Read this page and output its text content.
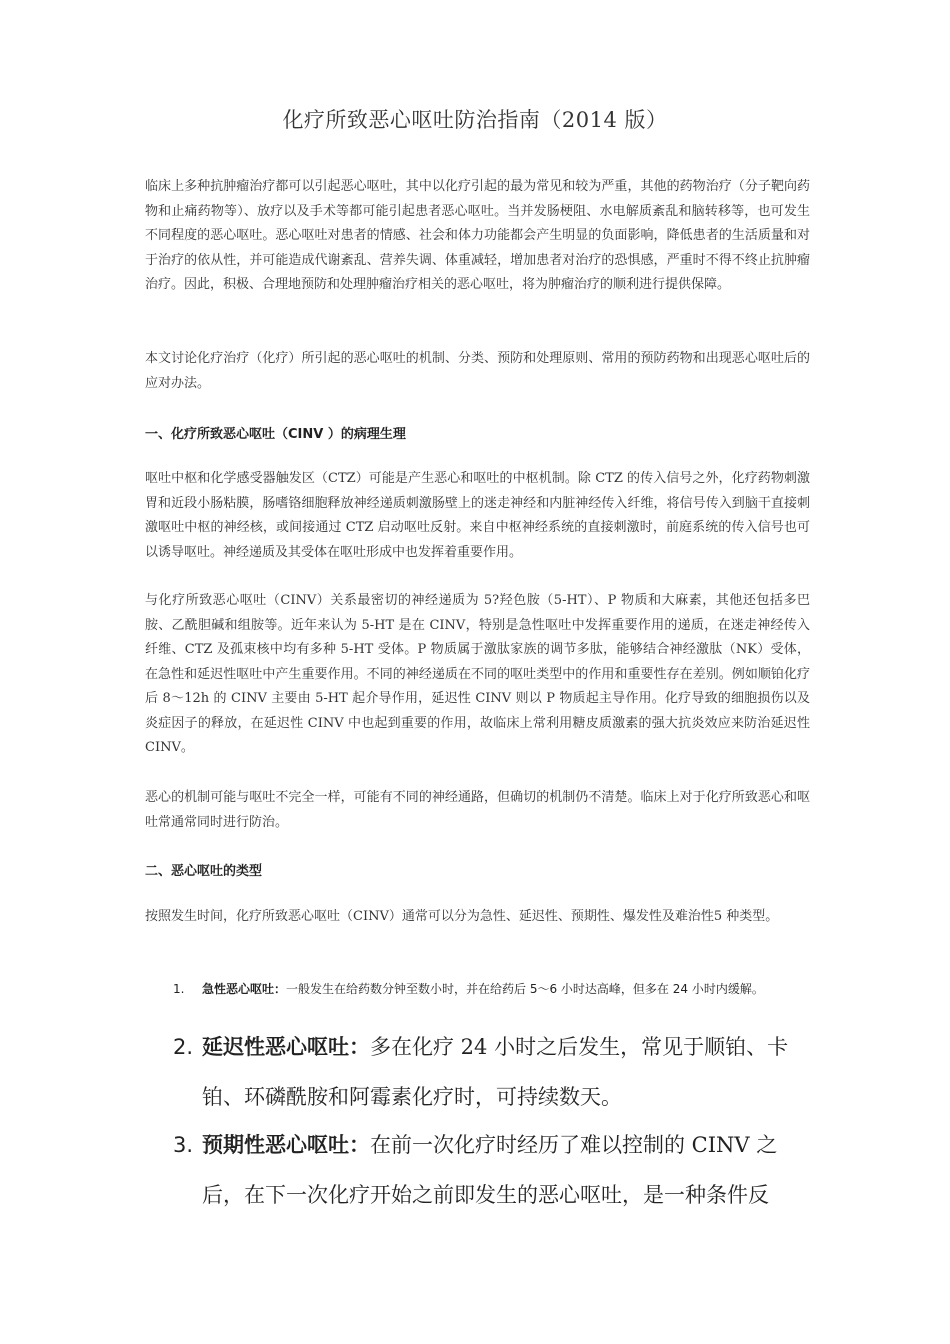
化疗所致恶心呕吐防治指南（2014 版）

临床上多种抗肿瘤治疗都可以引起恶心呕吐，其中以化疗引起的最为常见和较为严重，其他的药物治疗（分子靶向药物和止痛药物等）、放疗以及手术等都可能引起患者恶心呕吐。当并发肠梗阻、水电解质紊乱和脑转移等，也可发生不同程度的恶心呕吐。恶心呕吐对患者的情感、社会和体力功能都会产生明显的负面影响，降低患者的生活质量和对于治疗的依从性，并可能造成代谢紊乱、营养失调、体重减轻，增加患者对治疗的恐惧感，严重时不得不终止抗肿瘤治疗。因此，积极、合理地预防和处理肿瘤治疗相关的恶心呕吐，将为肿瘤治疗的顺利进行提供保障。

本文讨论化疗治疗（化疗）所引起的恶心呕吐的机制、分类、预防和处理原则、常用的预防药物和出现恶心呕吐后的应对办法。

一、化疗所致恶心呕吐（CINV ）的病理生理

呕吐中枢和化学感受器触发区（CTZ）可能是产生恶心和呕吐的中枢机制。除 CTZ 的传入信号之外，化疗药物刺激胃和近段小肠粘膜，肠嗜铬细胞释放神经递质刺激肠壁上的迷走神经和内脏神经传入纤维，将信号传入到脑干直接刺激呕吐中枢的神经核，或间接通过 CTZ 启动呕吐反射。来自中枢神经系统的直接刺激时，前庭系统的传入信号也可以诱导呕吐。神经递质及其受体在呕吐形成中也发挥着重要作用。

与化疗所致恶心呕吐（CINV）关系最密切的神经递质为 5?羟色胺（5-HT）、P 物质和大麻素，其他还包括多巴胺、乙酰胆碱和组胺等。近年来认为 5-HT 是在 CINV，特别是急性呕吐中发挥重要作用的递质，在迷走神经传入纤维、CTZ 及孤束核中均有多种 5-HT 受体。P 物质属于激肽家族的调节多肽，能够结合神经激肽（NK）受体，在急性和延迟性呕吐中产生重要作用。不同的神经递质在不同的呕吐类型中的作用和重要性存在差别。例如顺铂化疗后 8～12h 的 CINV 主要由 5-HT 起介导作用，延迟性 CINV 则以 P 物质起主导作用。化疗导致的细胞损伤以及炎症因子的释放，在延迟性 CINV 中也起到重要的作用，故临床上常利用糖皮质激素的强大抗炎效应来防治延迟性 CINV。

恶心的机制可能与呕吐不完全一样，可能有不同的神经通路，但确切的机制仍不清楚。临床上对于化疗所致恶心和呕吐常通常同时进行防治。

二、恶心呕吐的类型

按照发生时间，化疗所致恶心呕吐（CINV）通常可以分为急性、延迟性、预期性、爆发性及难治性5 种类型。

1. 急性恶心呕吐：一般发生在给药数分钟至数小时，并在给药后 5～6 小时达高峰，但多在 24 小时内缓解。
2. 延迟性恶心呕吐：多在化疗 24 小时之后发生，常见于顺铂、卡铂、环磷酰胺和阿霉素化疗时，可持续数天。
3. 预期性恶心呕吐：在前一次化疗时经历了难以控制的 CINV 之后，在下一次化疗开始之前即发生的恶心呕吐，是一种条件反
